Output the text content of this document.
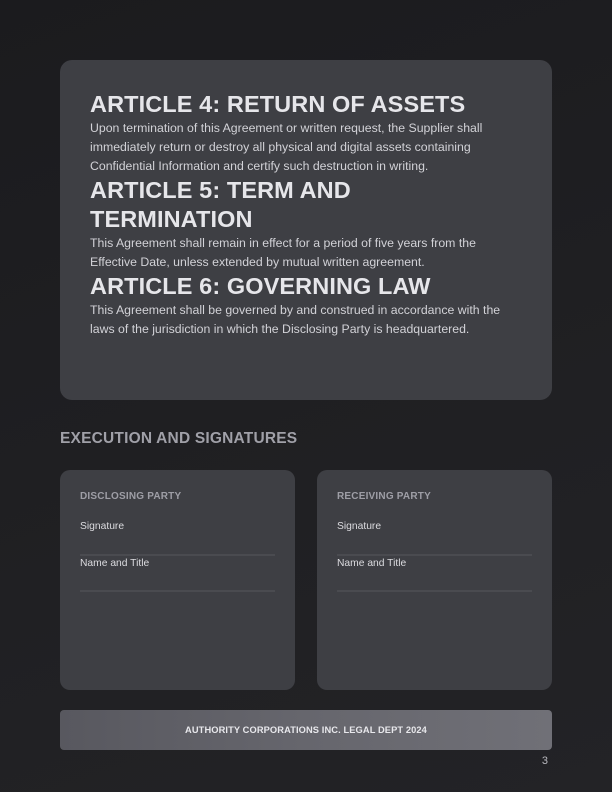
ARTICLE 4: RETURN OF ASSETS

Upon termination of this Agreement or written request, the Supplier shall immediately return or destroy all physical and digital assets containing Confidential Information and certify such destruction in writing.

ARTICLE 5: TERM AND TERMINATION

This Agreement shall remain in effect for a period of five years from the Effective Date, unless extended by mutual written agreement.

ARTICLE 6: GOVERNING LAW

This Agreement shall be governed by and construed in accordance with the laws of the jurisdiction in which the Disclosing Party is headquartered.

EXECUTION AND SIGNATURES
DISCLOSING PARTY
Signature
Name and Title
RECEIVING PARTY
Signature
Name and Title
AUTHORITY CORPORATIONS INC. LEGAL DEPT 2024
3
